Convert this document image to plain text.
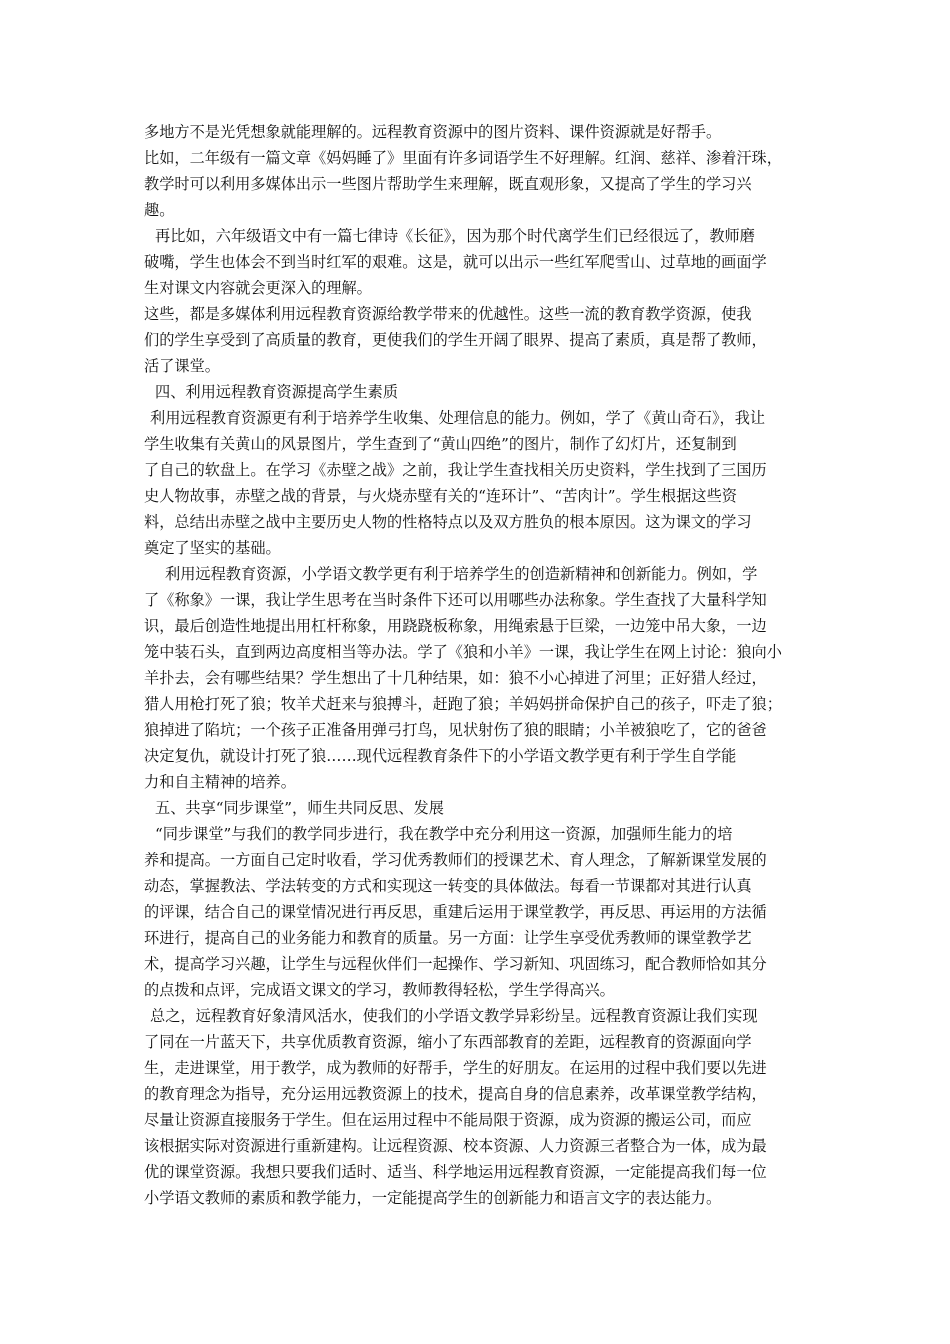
多地方不是光凭想象就能理解的。远程教育资源中的图片资料、课件资源就是好帮手。
比如，二年级有一篇文章《妈妈睡了》里面有许多词语学生不好理解。红润、慈祥、渗着汗珠，
教学时可以利用多媒体出示一些图片帮助学生来理解，既直观形象，又提高了学生的学习兴
趣。
再比如，六年级语文中有一篇七律诗《长征》，因为那个时代离学生们已经很远了，教师磨
破嘴，学生也体会不到当时红军的艰难。这是，就可以出示一些红军爬雪山、过草地的画面学
生对课文内容就会更深入的理解。
这些，都是多媒体利用远程教育资源给教学带来的优越性。这些一流的教育教学资源，使我
们的学生享受到了高质量的教育，更使我们的学生开阔了眼界、提高了素质，真是帮了教师，
活了课堂。
四、利用远程教育资源提高学生素质
利用远程教育资源更有利于培养学生收集、处理信息的能力。例如，学了《黄山奇石》，我让
学生收集有关黄山的风景图片，学生查到了“黄山四绝”的图片，制作了幻灯片，还复制到
了自己的软盘上。在学习《赤壁之战》之前，我让学生查找相关历史资料，学生找到了三国历
史人物故事，赤壁之战的背景，与火烧赤壁有关的“连环计”、“苦肉计”。学生根据这些资
料，总结出赤壁之战中主要历史人物的性格特点以及双方胜负的根本原因。这为课文的学习
奠定了坚实的基础。
利用远程教育资源，小学语文教学更有利于培养学生的创造新精神和创新能力。例如，学
了《称象》一课，我让学生思考在当时条件下还可以用哪些办法称象。学生查找了大量科学知
识，最后创造性地提出用杠杆称象，用跷跷板称象，用绳索悬于巨梁，一边笼中吊大象，一边
笼中装石头，直到两边高度相当等办法。学了《狼和小羊》一课，我让学生在网上讨论：狼向小
羊扑去，会有哪些结果？学生想出了十几种结果，如：狼不小心掉进了河里；正好猎人经过，
猎人用枪打死了狼；牧羊犬赶来与狼搏斗，赶跑了狼；羊妈妈拼命保护自己的孩子，吓走了狼；
狼掉进了陷坑；一个孩子正准备用弹弓打鸟，见状射伤了狼的眼睛；小羊被狼吃了，它的爸爸
决定复仇，就设计打死了狼……现代远程教育条件下的小学语文教学更有利于学生自学能
力和自主精神的培养。
五、共享“同步课堂”，师生共同反思、发展
“同步课堂”与我们的教学同步进行，我在教学中充分利用这一资源，加强师生能力的培
养和提高。一方面自己定时收看，学习优秀教师们的授课艺术、育人理念，了解新课堂发展的
动态，掌握教法、学法转变的方式和实现这一转变的具体做法。每看一节课都对其进行认真
的评课，结合自己的课堂情况进行再反思，重建后运用于课堂教学，再反思、再运用的方法循
环进行，提高自己的业务能力和教育的质量。另一方面：让学生享受优秀教师的课堂教学艺
术，提高学习兴趣，让学生与远程伙伴们一起操作、学习新知、巩固练习，配合教师恰如其分
的点拨和点评，完成语文课文的学习，教师教得轻松，学生学得高兴。
总之，远程教育好象清风活水，使我们的小学语文教学异彩纷呈。远程教育资源让我们实现
了同在一片蓝天下，共享优质教育资源，缩小了东西部教育的差距，远程教育的资源面向学
生，走进课堂，用于教学，成为教师的好帮手，学生的好朋友。在运用的过程中我们要以先进
的教育理念为指导，充分运用远教资源上的技术，提高自身的信息素养，改革课堂教学结构，
尽量让资源直接服务于学生。但在运用过程中不能局限于资源，成为资源的搬运公司，而应
该根据实际对资源进行重新建构。让远程资源、校本资源、人力资源三者整合为一体，成为最
优的课堂资源。我想只要我们适时、适当、科学地运用远程教育资源，一定能提高我们每一位
小学语文教师的素质和教学能力，一定能提高学生的创新能力和语言文字的表达能力。
